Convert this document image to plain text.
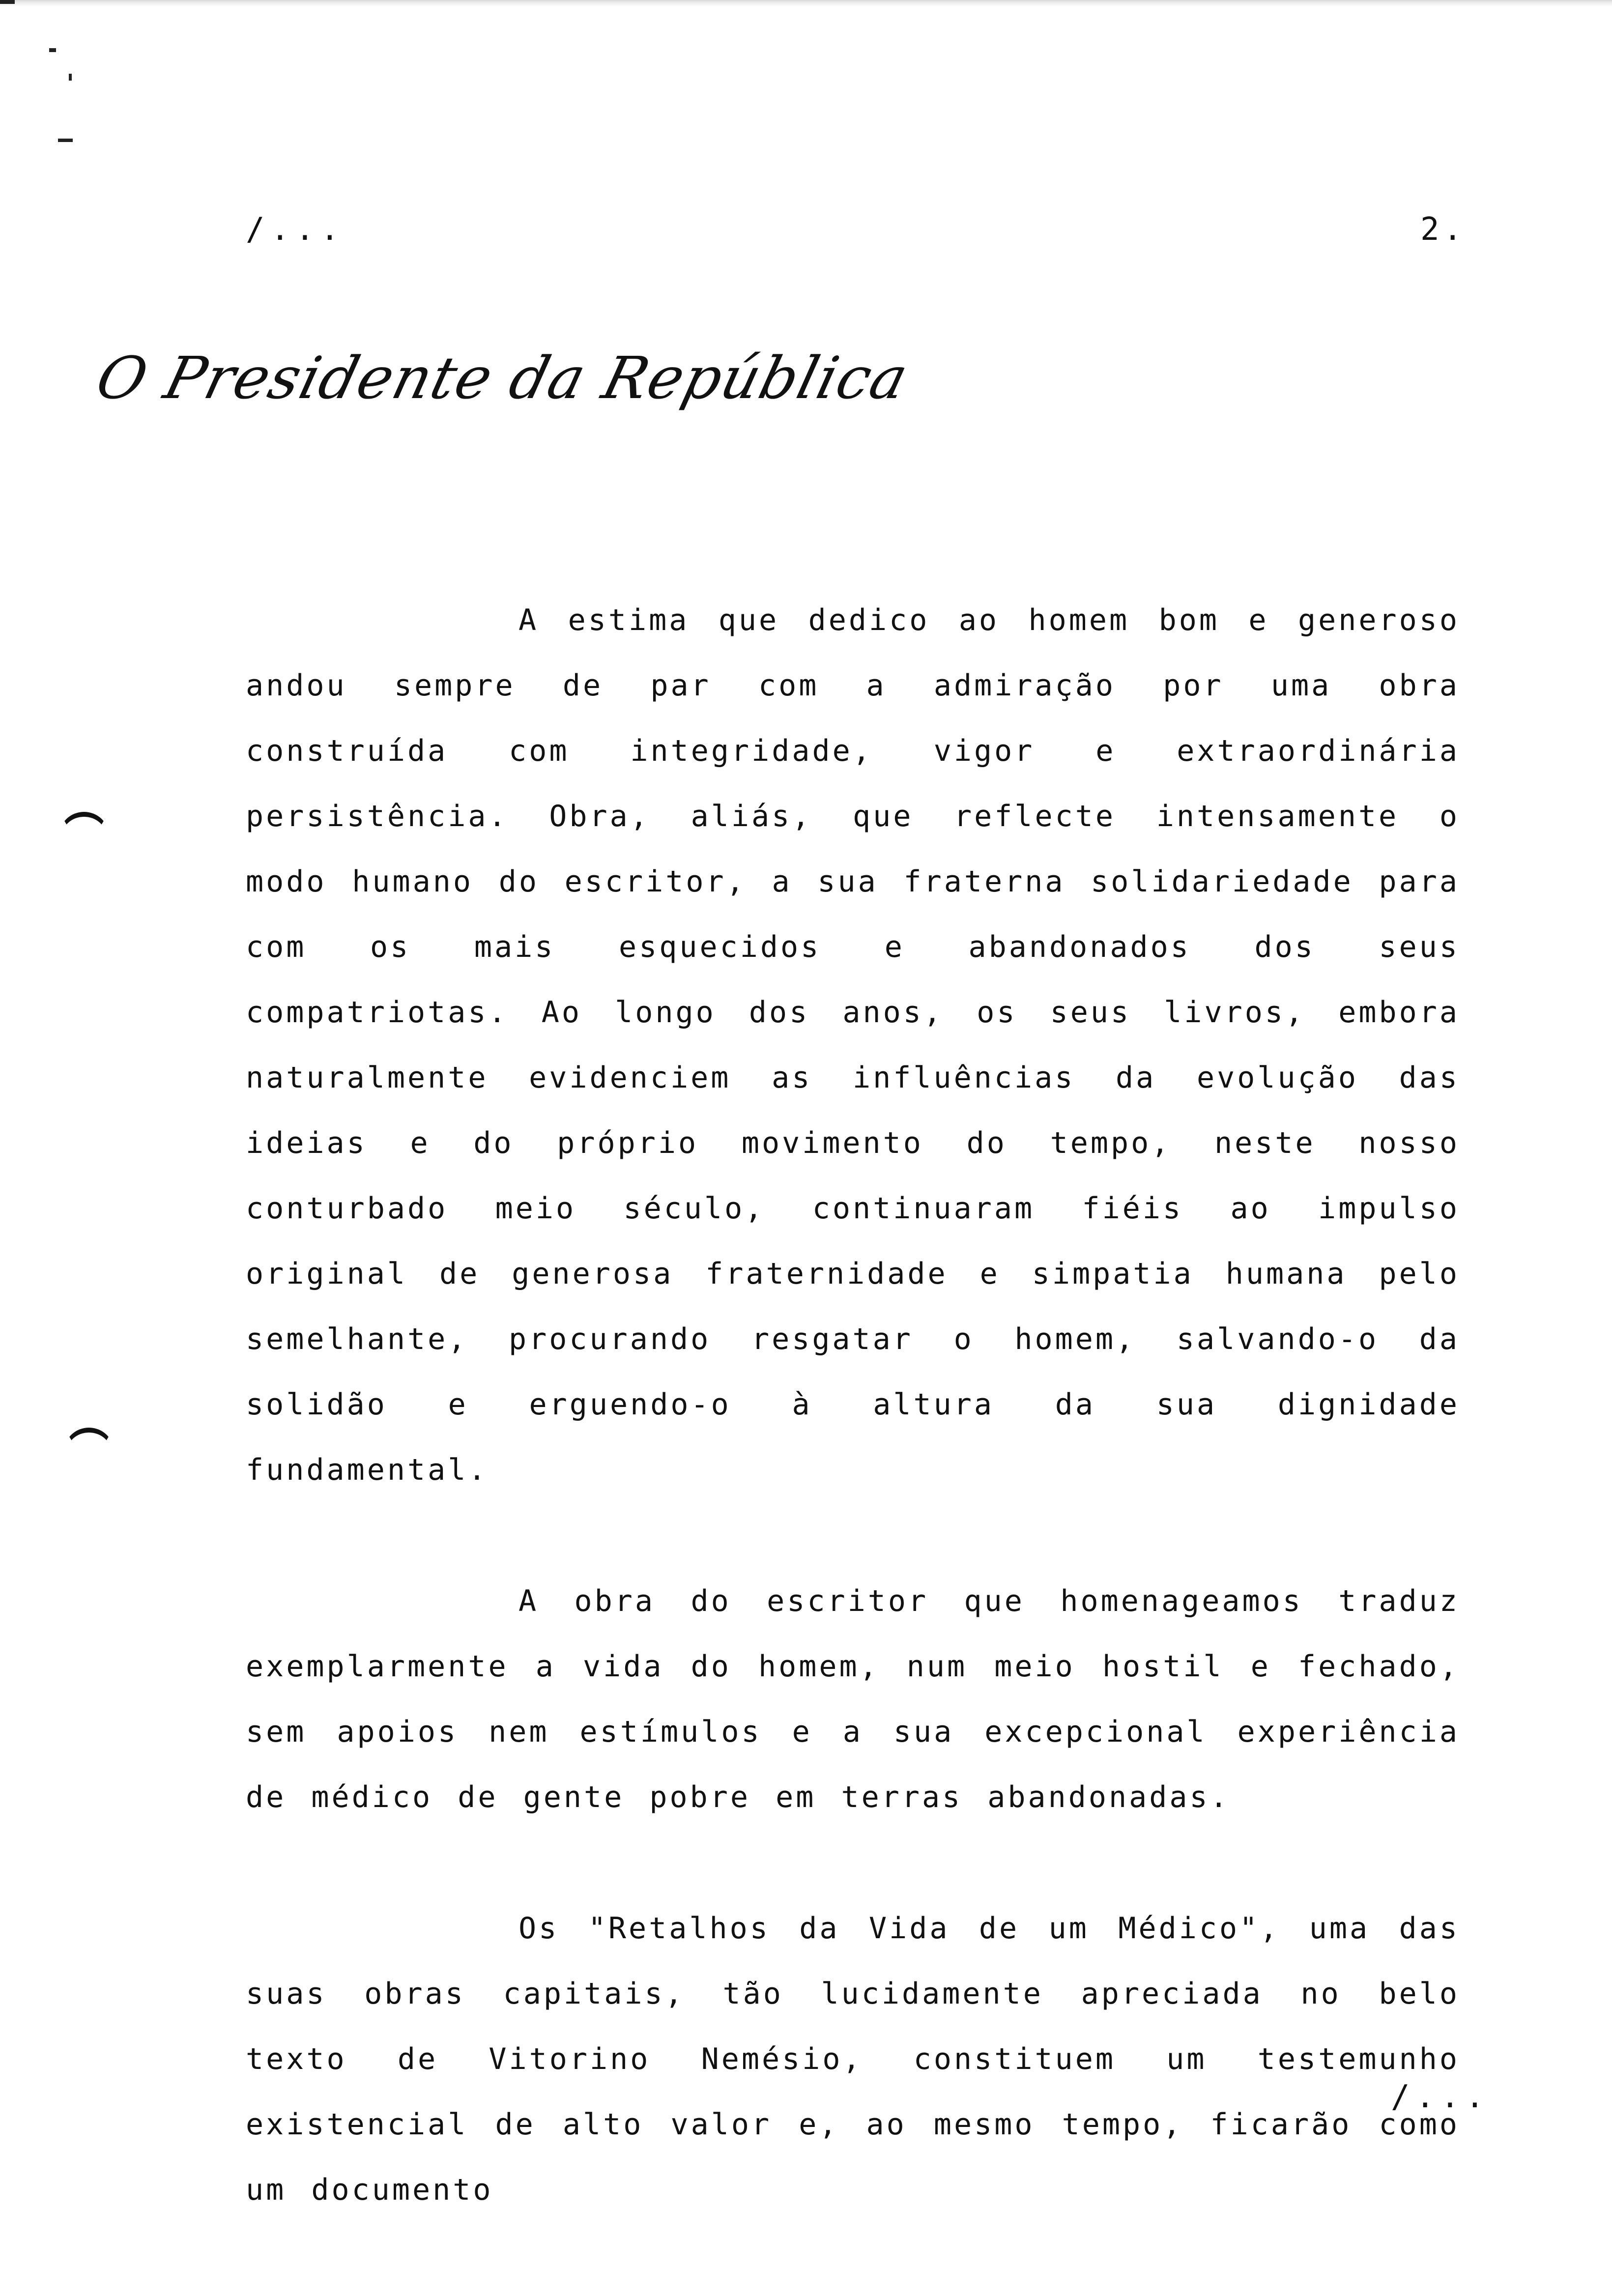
/...	2.
O Presidente da República

A estima que dedico ao homem bom e generoso andou sempre de par com a admiração por uma obra construída com integridade, vigor e extraordinária persistência. Obra, aliás, que reflecte intensamente o modo humano do escritor, a sua fraterna solidariedade para com os mais esquecidos e abandonados dos seus compatriotas. Ao longo dos anos, os seus livros, embora naturalmente evidenciem as influências da evolução das ideias e do próprio movimento do tempo, neste nosso conturbado meio século, continuaram fiéis ao impulso original de generosa fraternidade e simpatia humana pelo semelhante, procurando resgatar o homem, salvando-o da solidão e erguendo-o à altura da sua dignidade fundamental.

A obra do escritor que homenageamos traduz exemplarmente a vida do homem, num meio hostil e fechado, sem apoios nem estímulos e a sua excepcional experiência de médico de gente pobre em terras abandonadas.

Os "Retalhos da Vida de um Médico", uma das suas obras capitais, tão lucidamente apreciada no belo texto de Vitorino Nemésio, constituem um testemunho existencial de alto valor e, ao mesmo tempo, ficarão como um documento

/...
